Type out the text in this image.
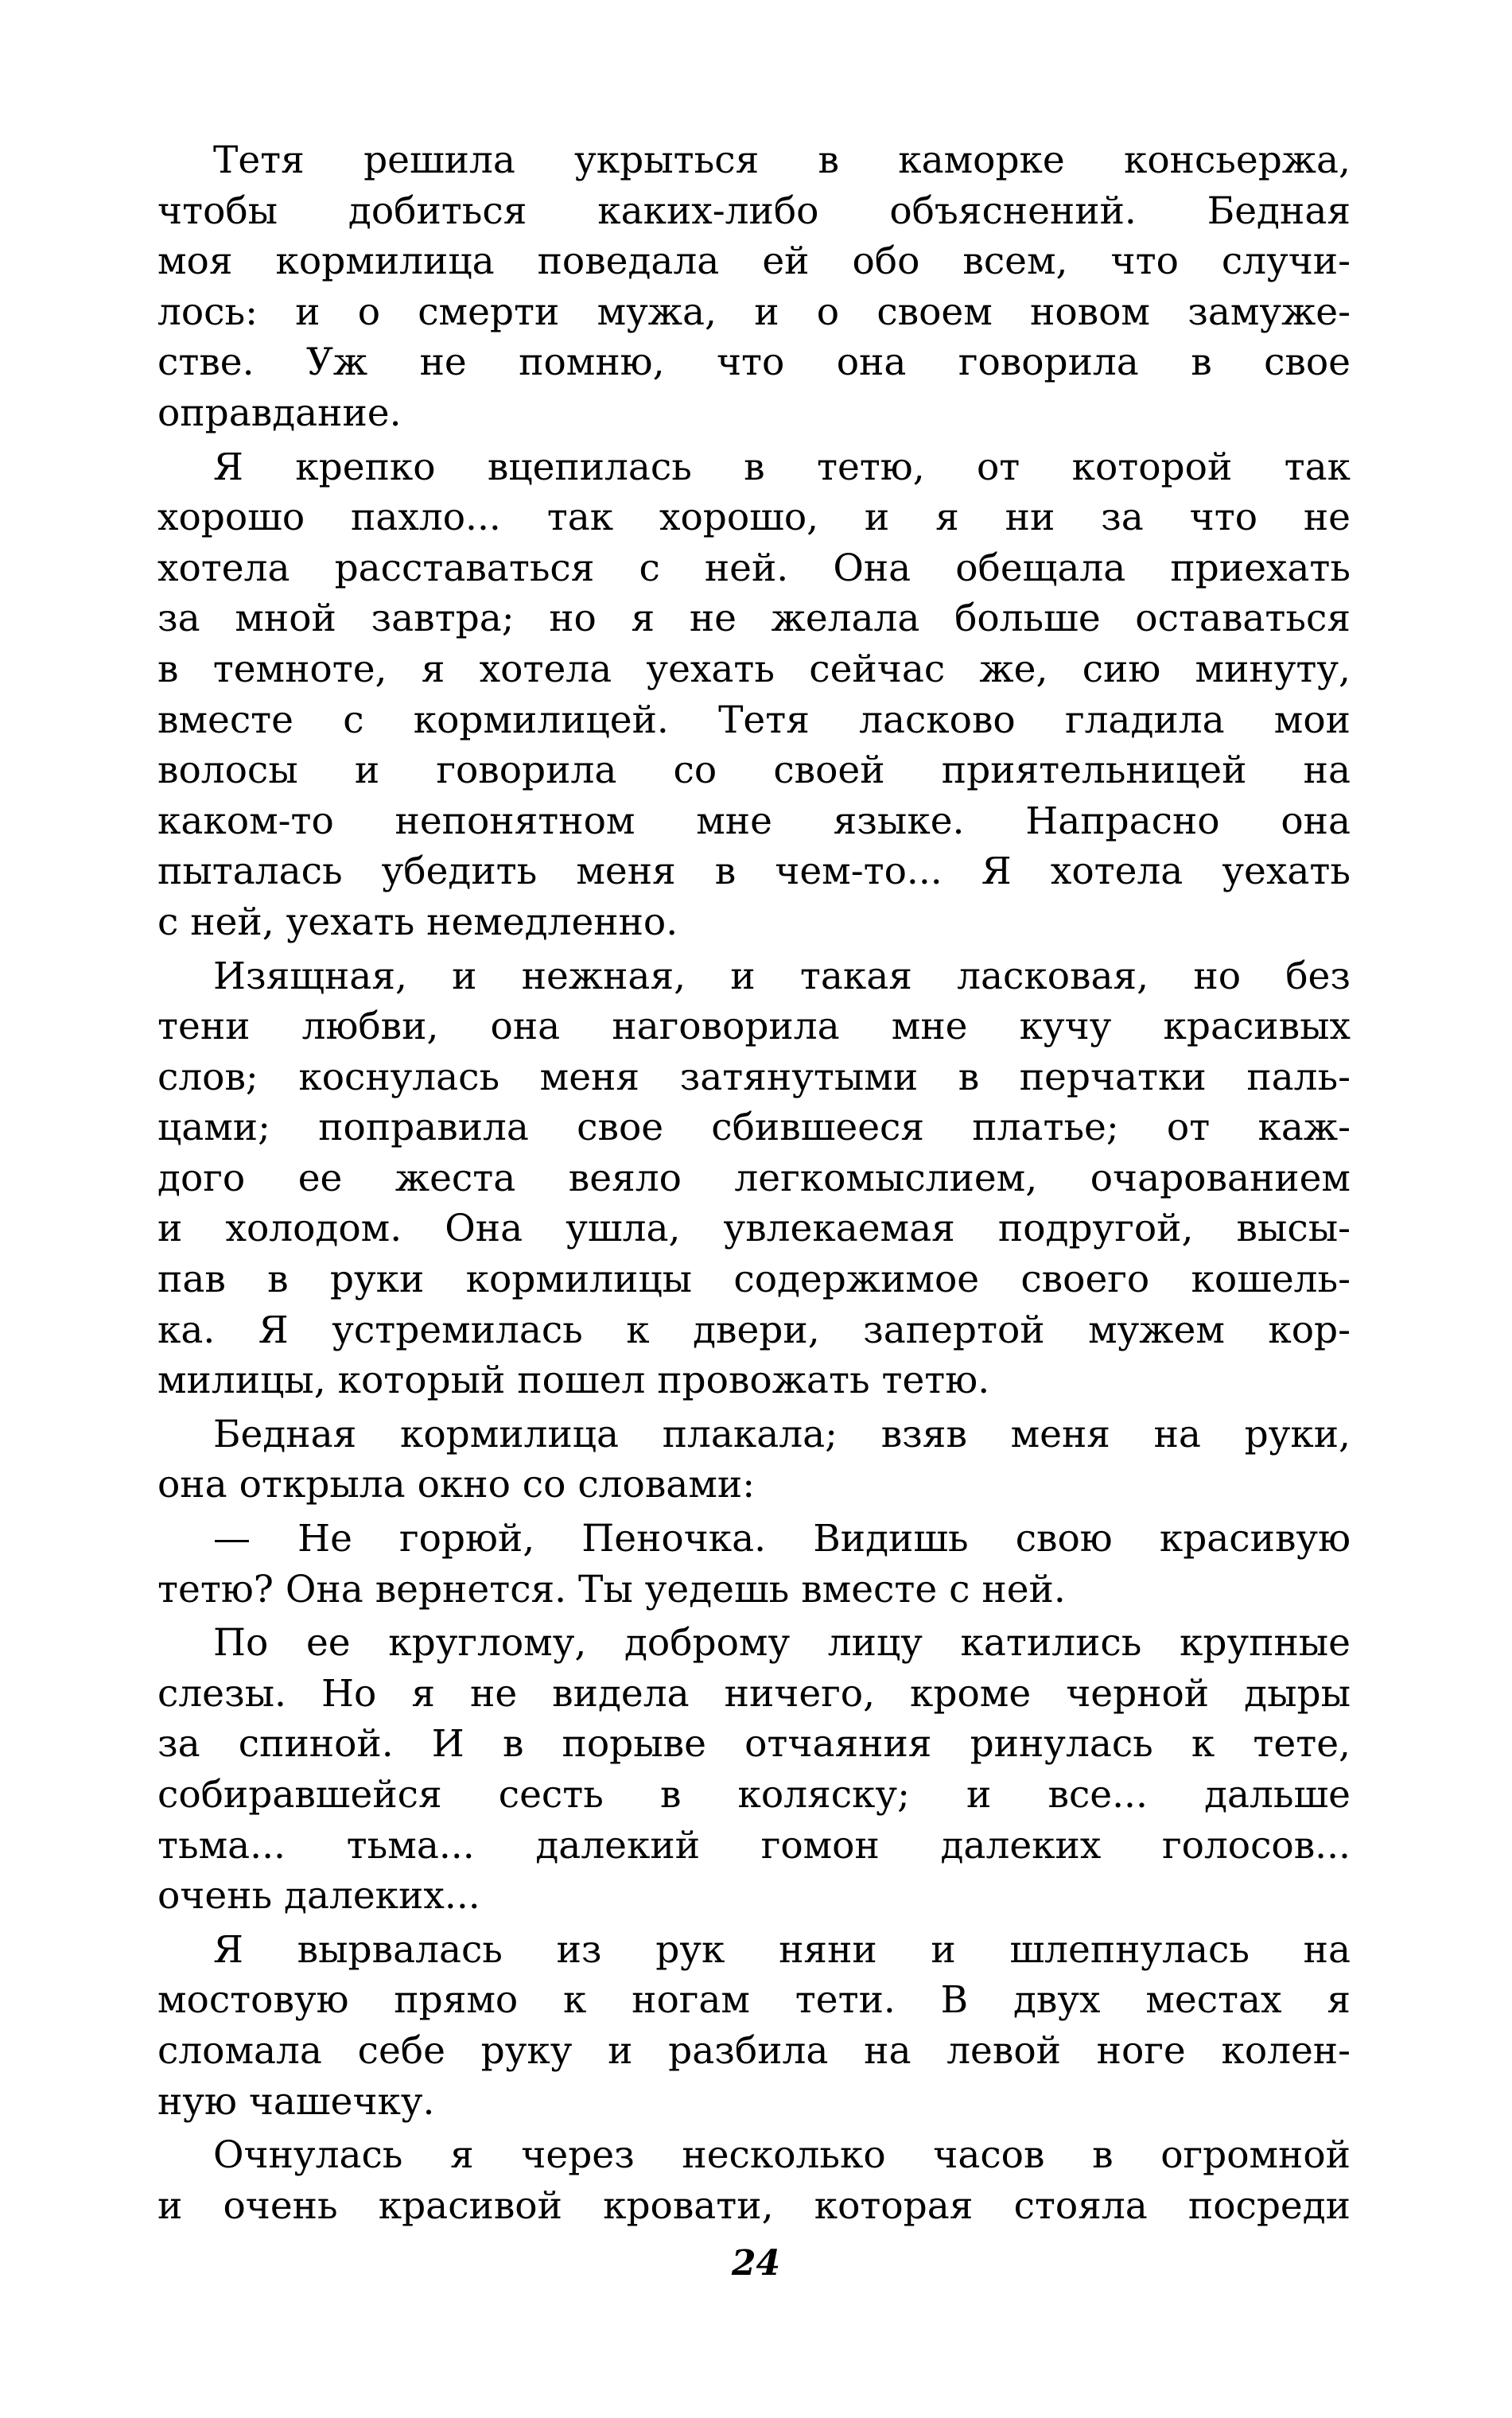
Тетя решила укрыться в каморке консьержа,
чтобы добиться каких-либо объяснений. Бедная
моя кормилица поведала ей обо всем, что случи-
лось: и о смерти мужа, и о своем новом замуже-
стве. Уж не помню, что она говорила в свое
оправдание.
Я крепко вцепилась в тетю, от которой так
хорошо пахло... так хорошо, и я ни за что не
хотела расставаться с ней. Она обещала приехать
за мной завтра; но я не желала больше оставаться
в темноте, я хотела уехать сейчас же, сию минуту,
вместе с кормилицей. Тетя ласково гладила мои
волосы и говорила со своей приятельницей на
каком-то непонятном мне языке. Напрасно она
пыталась убедить меня в чем-то... Я хотела уехать
с ней, уехать немедленно.
Изящная, и нежная, и такая ласковая, но без
тени любви, она наговорила мне кучу красивых
слов; коснулась меня затянутыми в перчатки паль-
цами; поправила свое сбившееся платье; от каж-
дого ее жеста веяло легкомыслием, очарованием
и холодом. Она ушла, увлекаемая подругой, высы-
пав в руки кормилицы содержимое своего кошель-
ка. Я устремилась к двери, запертой мужем кор-
милицы, который пошел провожать тетю.
Бедная кормилица плакала; взяв меня на руки,
она открыла окно со словами:
— Не горюй, Пеночка. Видишь свою красивую
тетю? Она вернется. Ты уедешь вместе с ней.
По ее круглому, доброму лицу катились крупные
слезы. Но я не видела ничего, кроме черной дыры
за спиной. И в порыве отчаяния ринулась к тете,
собиравшейся сесть в коляску; и все... дальше
тьма... тьма... далекий гомон далеких голосов...
очень далеких...
Я вырвалась из рук няни и шлепнулась на
мостовую прямо к ногам тети. В двух местах я
сломала себе руку и разбила на левой ноге колен-
ную чашечку.
Очнулась я через несколько часов в огромной
и очень красивой кровати, которая стояла посреди
24
